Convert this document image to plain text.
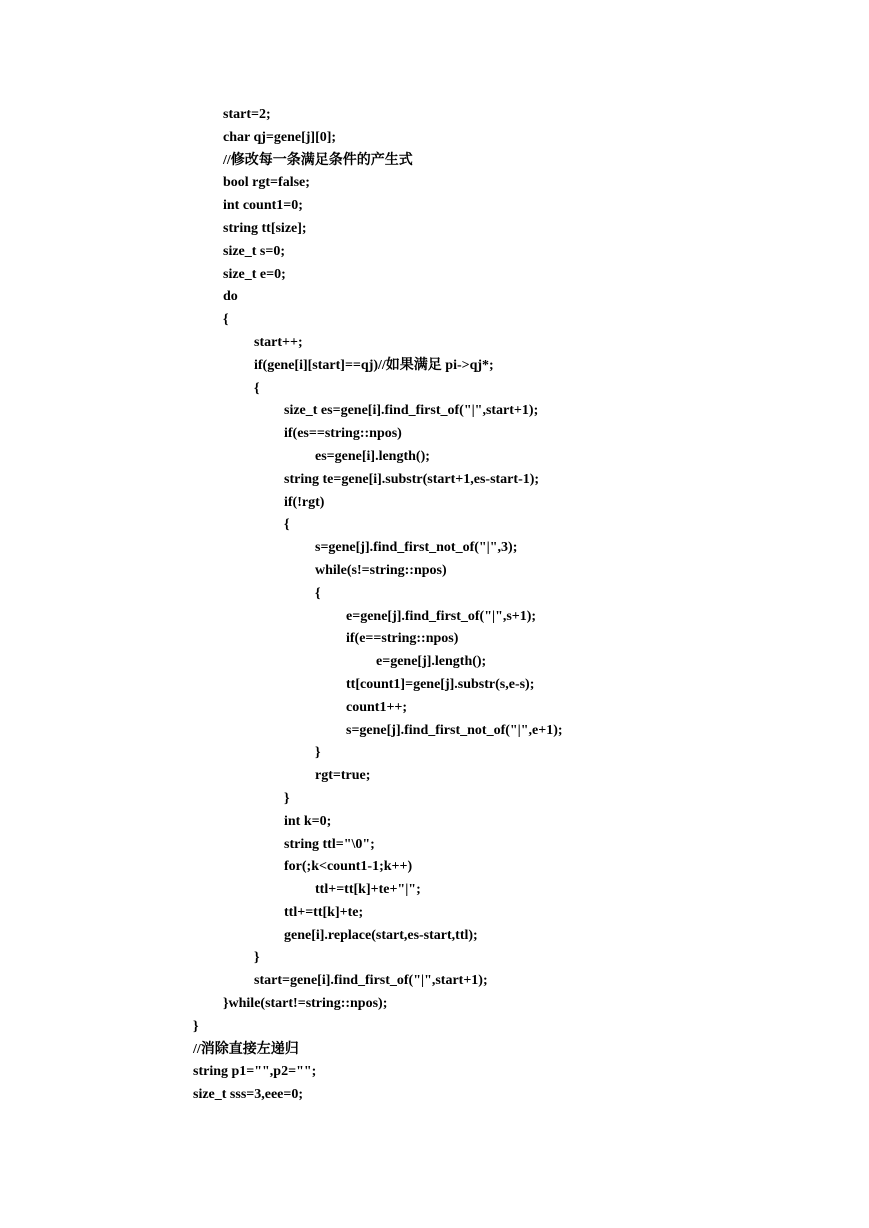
start=2;
char qj=gene[j][0];
//修改每一条满足条件的产生式
bool rgt=false;
int count1=0;
string tt[size];
size_t s=0;
size_t e=0;
do
{
start++;
if(gene[i][start]==qj)//如果满足 pi->qj*;
{
size_t es=gene[i].find_first_of("|",start+1);
if(es==string::npos)
es=gene[i].length();
string te=gene[i].substr(start+1,es-start-1);
if(!rgt)
{
s=gene[j].find_first_not_of("|",3);
while(s!=string::npos)
{
e=gene[j].find_first_of("|",s+1);
if(e==string::npos)
e=gene[j].length();
tt[count1]=gene[j].substr(s,e-s);
count1++;
s=gene[j].find_first_not_of("|",e+1);
}
rgt=true;
}
int k=0;
string ttl="\0";
for(;k<count1-1;k++)
ttl+=tt[k]+te+"|";
ttl+=tt[k]+te;
gene[i].replace(start,es-start,ttl);
}
start=gene[i].find_first_of("|",start+1);
}while(start!=string::npos);
}
//消除直接左递归
string p1="",p2="";
size_t sss=3,eee=0;
